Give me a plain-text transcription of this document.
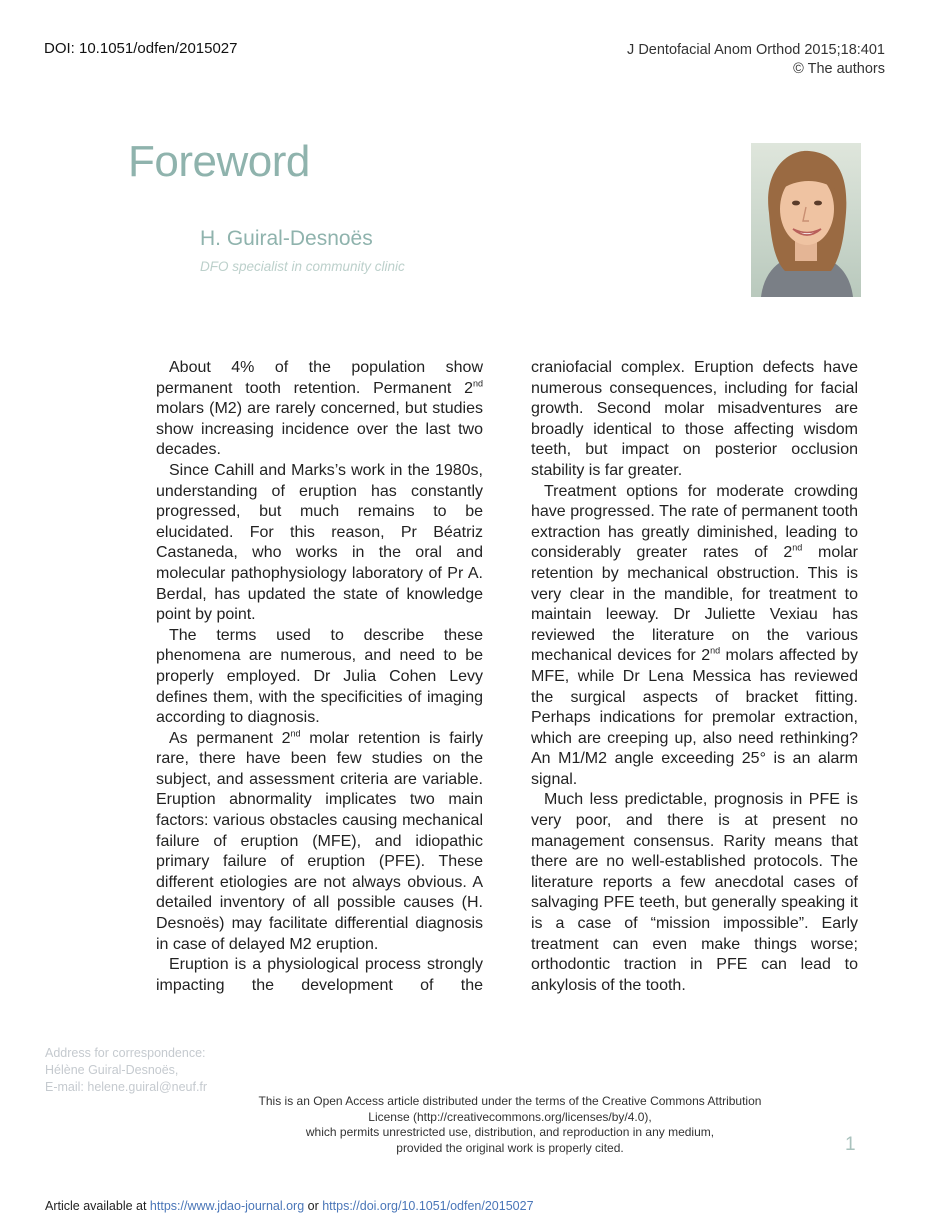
DOI: 10.1051/odfen/2015027	J Dentofacial Anom Orthod 2015;18:401
© The authors
Foreword
H. Guiral-Desnoës
DFO specialist in community clinic

About 4% of the population show permanent tooth retention. Permanent 2nd molars (M2) are rarely concerned, but studies show increasing incidence over the last two decades.

Since Cahill and Marks’s work in the 1980s, understanding of eruption has constantly progressed, but much remains to be elucidated. For this reason, Pr Béatriz Castaneda, who works in the oral and molecular pathophysiology laboratory of Pr A. Berdal, has updated the state of knowledge point by point.

The terms used to describe these phenomena are numerous, and need to be properly employed. Dr Julia Cohen Levy defines them, with the specificities of imaging according to diagnosis.

As permanent 2nd molar retention is fairly rare, there have been few studies on the subject, and assessment criteria are variable. Eruption abnormality implicates two main factors: various obstacles causing mechanical failure of eruption (MFE), and idiopathic primary failure of eruption (PFE). These different etiologies are not always obvious. A detailed inventory of all possible causes (H. Desnoës) may facilitate differential diagnosis in case of delayed M2 eruption.

Eruption is a physiological process strongly impacting the development of the

craniofacial complex. Eruption defects have numerous consequences, including for facial growth. Second molar misadventures are broadly identical to those affecting wisdom teeth, but impact on posterior occlusion stability is far greater.

Treatment options for moderate crowding have progressed. The rate of permanent tooth extraction has greatly diminished, leading to considerably greater rates of 2nd molar retention by mechanical obstruction. This is very clear in the mandible, for treatment to maintain leeway. Dr Juliette Vexiau has reviewed the literature on the various mechanical devices for 2nd molars affected by MFE, while Dr Lena Messica has reviewed the surgical aspects of bracket fitting. Perhaps indications for premolar extraction, which are creeping up, also need rethinking? An M1/M2 angle exceeding 25° is an alarm signal.

Much less predictable, prognosis in PFE is very poor, and there is at present no management consensus. Rarity means that there are no well-established protocols. The literature reports a few anecdotal cases of salvaging PFE teeth, but generally speaking it is a case of “mission impossible”. Early treatment can even make things worse; orthodontic traction in PFE can lead to ankylosis of the tooth.

Address for correspondence:
Hélène Guiral-Desnoës,
E-mail: helene.guiral@neuf.fr
This is an Open Access article distributed under the terms of the Creative Commons Attribution
License (http://creativecommons.org/licenses/by/4.0),
which permits unrestricted use, distribution, and reproduction in any medium,
provided the original work is properly cited.	1
Article available at https://www.jdao-journal.org or https://doi.org/10.1051/odfen/2015027
